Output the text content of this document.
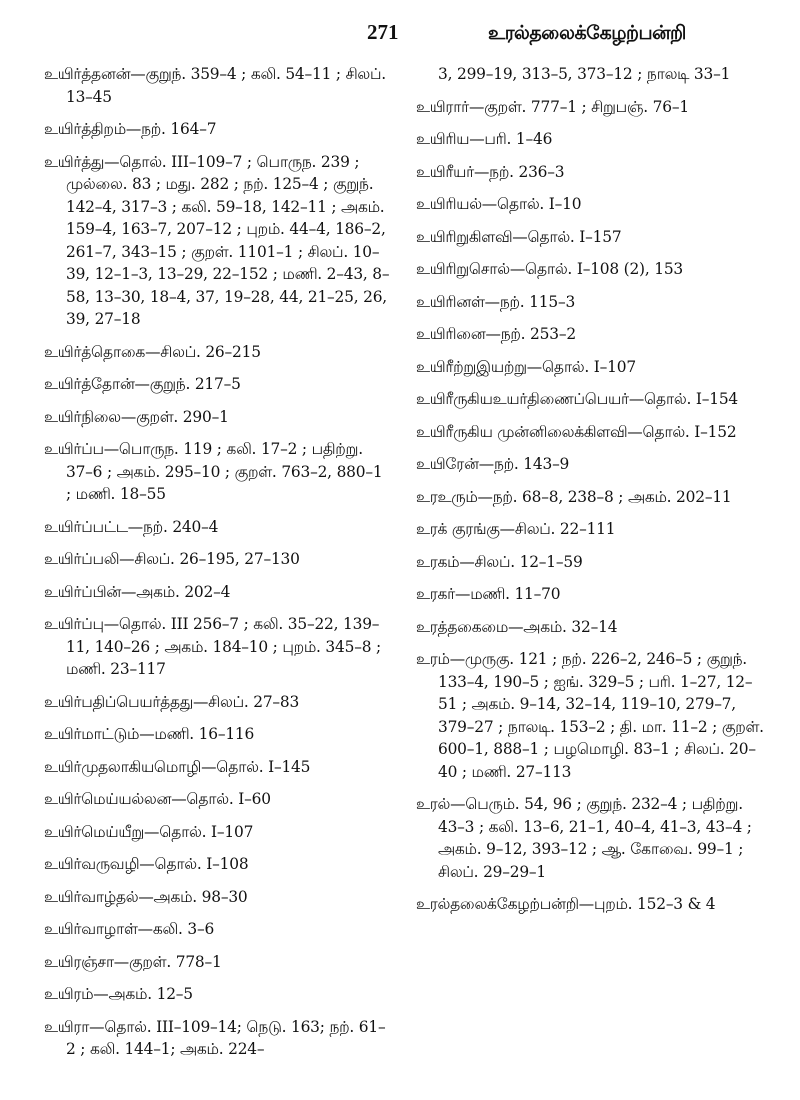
271	உரல்தலைக்கேழற்பன்றி

உயிர்த்தனன்—குறுந். 359–4 ; கலி. 54–11 ; சிலப். 13–45

உயிர்த்திறம்—நற். 164–7

உயிர்த்து—தொல். III–109–7 ; பொருந. 239 ; முல்லை. 83 ; மது. 282 ; நற். 125–4 ; குறுந். 142–4, 317–3 ; கலி. 59–18, 142–11 ; அகம். 159–4, 163–7, 207–12 ; புறம். 44–4, 186–2, 261–7, 343–15 ; குறள். 1101–1 ; சிலப். 10–39, 12–1–3, 13–29, 22–152 ; மணி. 2–43, 8–58, 13–30, 18–4, 37, 19–28, 44, 21–25, 26, 39, 27–18

உயிர்த்தொகை—சிலப். 26–215

உயிர்த்தோன்—குறுந். 217–5

உயிர்நிலை—குறள். 290–1

உயிர்ப்ப—பொருந. 119 ; கலி. 17–2 ; பதிற்று. 37–6 ; அகம். 295–10 ; குறள். 763–2, 880–1 ; மணி. 18–55

உயிர்ப்பட்ட—நற். 240–4

உயிர்ப்பலி—சிலப். 26–195, 27–130

உயிர்ப்பின்—அகம். 202–4

உயிர்ப்பு—தொல். III 256–7 ; கலி. 35–22, 139–11, 140–26 ; அகம். 184–10 ; புறம். 345–8 ; மணி. 23–117

உயிர்பதிப்பெயர்த்தது—சிலப். 27–83

உயிர்மாட்டும்—மணி. 16–116

உயிர்முதலாகியமொழி—தொல். I–145

உயிர்மெய்யல்லன—தொல். I–60

உயிர்மெய்யீறு—தொல். I–107

உயிர்வருவழி—தொல். I–108

உயிர்வாழ்தல்—அகம். 98–30

உயிர்வாழாள்—கலி. 3–6

உயிரஞ்சா—குறள். 778–1

உயிரம்—அகம். 12–5

உயிரா—தொல். III–109–14; நெடு. 163; நற். 61–2 ; கலி. 144–1; அகம். 224–

3, 299–19, 313–5, 373–12 ; நாலடி 33–1

உயிரார்—குறள். 777–1 ; சிறுபஞ். 76–1

உயிரிய—பரி. 1–46

உயிரீயர்—நற். 236–3

உயிரியல்—தொல். I–10

உயிரிறுகிளவி—தொல். I–157

உயிரிறுசொல்—தொல். I–108 (2), 153

உயிரினள்—நற். 115–3

உயிரினை—நற். 253–2

உயிரீற்றுஇயற்று—தொல். I–107

உயிரீருகியஉயர்திணைப்பெயர்—தொல். I–154

உயிரீருகிய முன்னிலைக்கிளவி—தொல். I–152

உயிரேன்—நற். 143–9

உரஉரும்—நற். 68–8, 238–8 ; அகம். 202–11

உரக் குரங்கு—சிலப். 22–111

உரகம்—சிலப். 12–1–59

உரகர்—மணி. 11–70

உரத்தகைமை—அகம். 32–14

உரம்—முருகு. 121 ; நற். 226–2, 246–5 ; குறுந். 133–4, 190–5 ; ஐங். 329–5 ; பரி. 1–27, 12–51 ; அகம். 9–14, 32–14, 119–10, 279–7, 379–27 ; நாலடி. 153–2 ; தி. மா. 11–2 ; குறள். 600–1, 888–1 ; பழமொழி. 83–1 ; சிலப். 20–40 ; மணி. 27–113

உரல்—பெரும். 54, 96 ; குறுந். 232–4 ; பதிற்று. 43–3 ; கலி. 13–6, 21–1, 40–4, 41–3, 43–4 ; அகம். 9–12, 393–12 ; ஆ. கோவை. 99–1 ; சிலப். 29–29–1

உரல்தலைக்கேழற்பன்றி—புறம். 152–3 & 4
